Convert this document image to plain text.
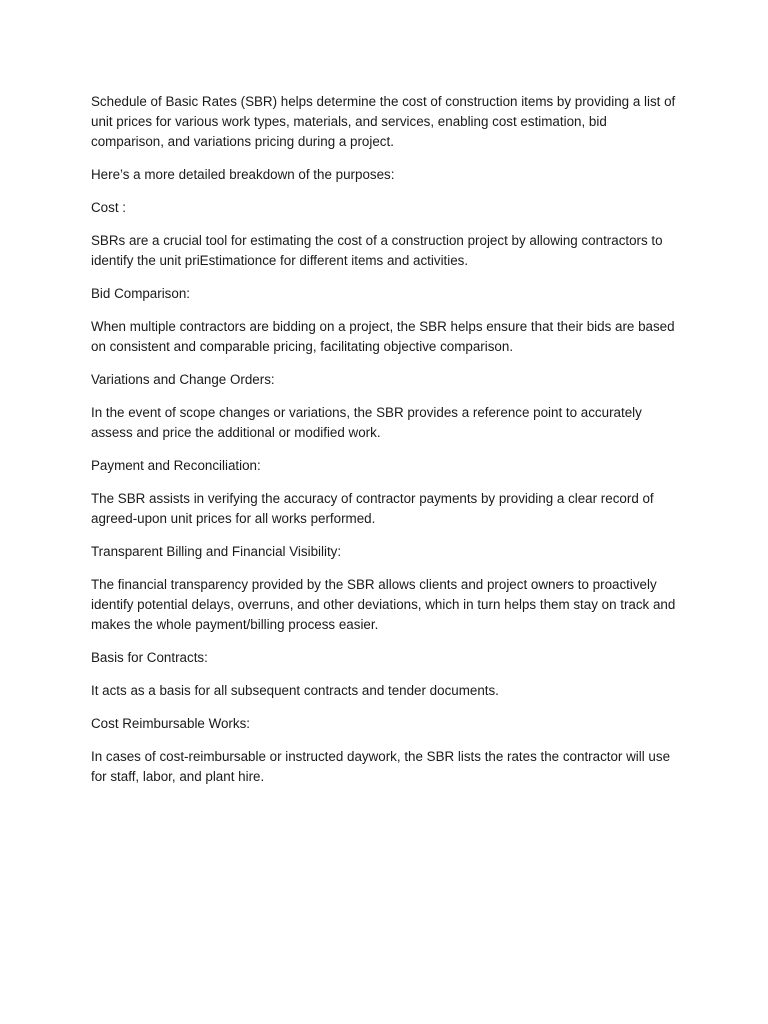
Schedule of Basic Rates (SBR) helps determine the cost of construction items by providing a list of unit prices for various work types, materials, and services, enabling cost estimation, bid comparison, and variations pricing during a project.

Here’s a more detailed breakdown of the purposes:

Cost :

SBRs are a crucial tool for estimating the cost of a construction project by allowing contractors to identify the unit priEstimationce for different items and activities.

Bid Comparison:

When multiple contractors are bidding on a project, the SBR helps ensure that their bids are based on consistent and comparable pricing, facilitating objective comparison.

Variations and Change Orders:

In the event of scope changes or variations, the SBR provides a reference point to accurately assess and price the additional or modified work.

Payment and Reconciliation:

The SBR assists in verifying the accuracy of contractor payments by providing a clear record of agreed-upon unit prices for all works performed.

Transparent Billing and Financial Visibility:

The financial transparency provided by the SBR allows clients and project owners to proactively identify potential delays, overruns, and other deviations, which in turn helps them stay on track and makes the whole payment/billing process easier.

Basis for Contracts:

It acts as a basis for all subsequent contracts and tender documents.

Cost Reimbursable Works:

In cases of cost-reimbursable or instructed daywork, the SBR lists the rates the contractor will use for staff, labor, and plant hire.
